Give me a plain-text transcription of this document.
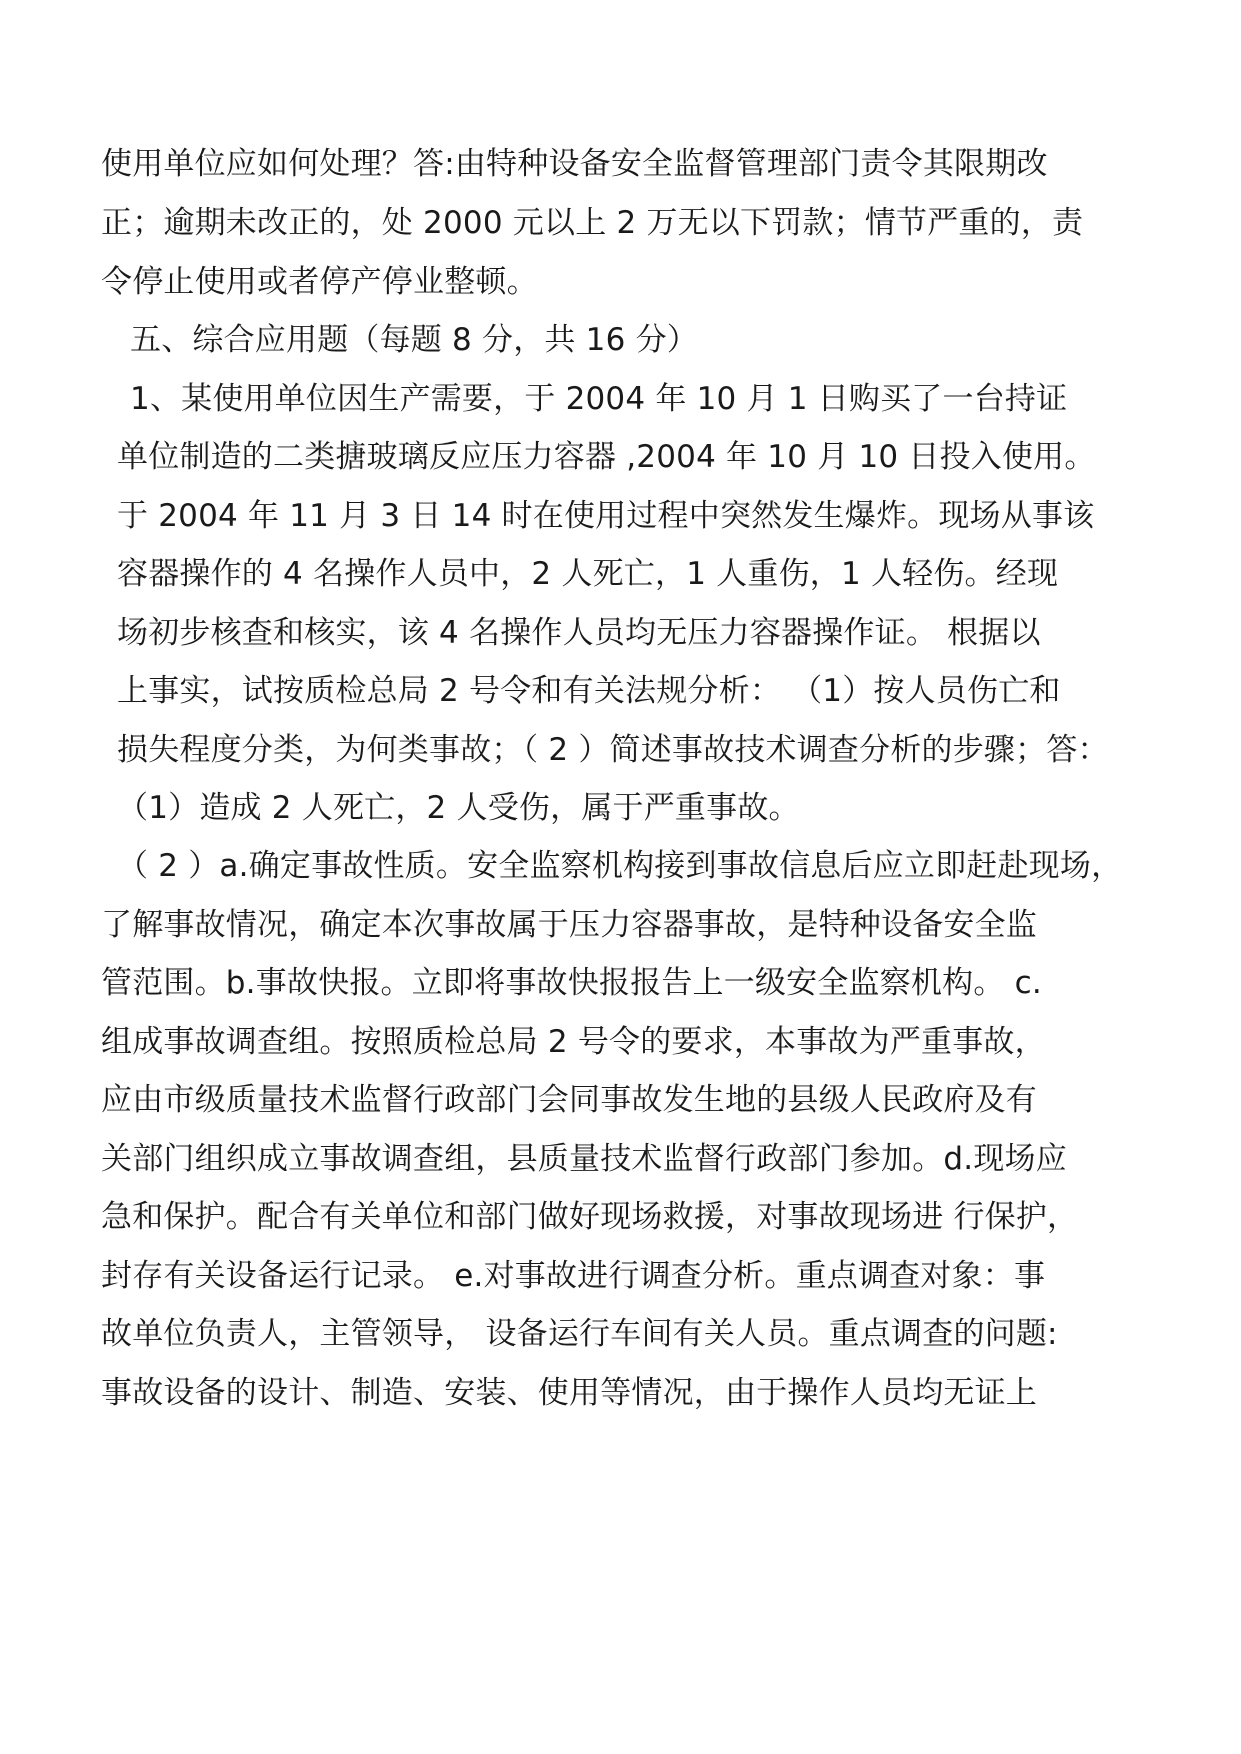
使用单位应如何处理？答:由特种设备安全监督管理部门责令其限期改
正；逾期未改正的，处 2000 元以上 2 万无以下罚款；情节严重的，责
令停止使用或者停产停业整顿。
五、综合应用题（每题 8 分，共 16 分）
1、某使用单位因生产需要，于 2004 年 10 月 1 日购买了一台持证
单位制造的二类搪玻璃反应压力容器 ,2004 年 10 月 10 日投入使用。
于 2004 年 11 月 3 日 14 时在使用过程中突然发生爆炸。现场从事该
容器操作的 4 名操作人员中，2 人死亡，1 人重伤，1 人轻伤。经现
场初步核查和核实，该 4 名操作人员均无压力容器操作证。 根据以
上事实，试按质检总局 2 号令和有关法规分析： （1）按人员伤亡和
损失程度分类，为何类事故；（ 2 ）简述事故技术调查分析的步骤；答：
（1）造成 2 人死亡，2 人受伤，属于严重事故。
（ 2 ）a.确定事故性质。安全监察机构接到事故信息后应立即赶赴现场，
了解事故情况，确定本次事故属于压力容器事故，是特种设备安全监
管范围。b.事故快报。立即将事故快报报告上一级安全监察机构。 c.
组成事故调查组。按照质检总局 2 号令的要求，本事故为严重事故，
应由市级质量技术监督行政部门会同事故发生地的县级人民政府及有
关部门组织成立事故调查组，县质量技术监督行政部门参加。d.现场应
急和保护。配合有关单位和部门做好现场救援，对事故现场进 行保护，
封存有关设备运行记录。 e.对事故进行调查分析。重点调查对象：事
故单位负责人，主管领导， 设备运行车间有关人员。重点调查的问题:
事故设备的设计、制造、安装、使用等情况，由于操作人员均无证上
